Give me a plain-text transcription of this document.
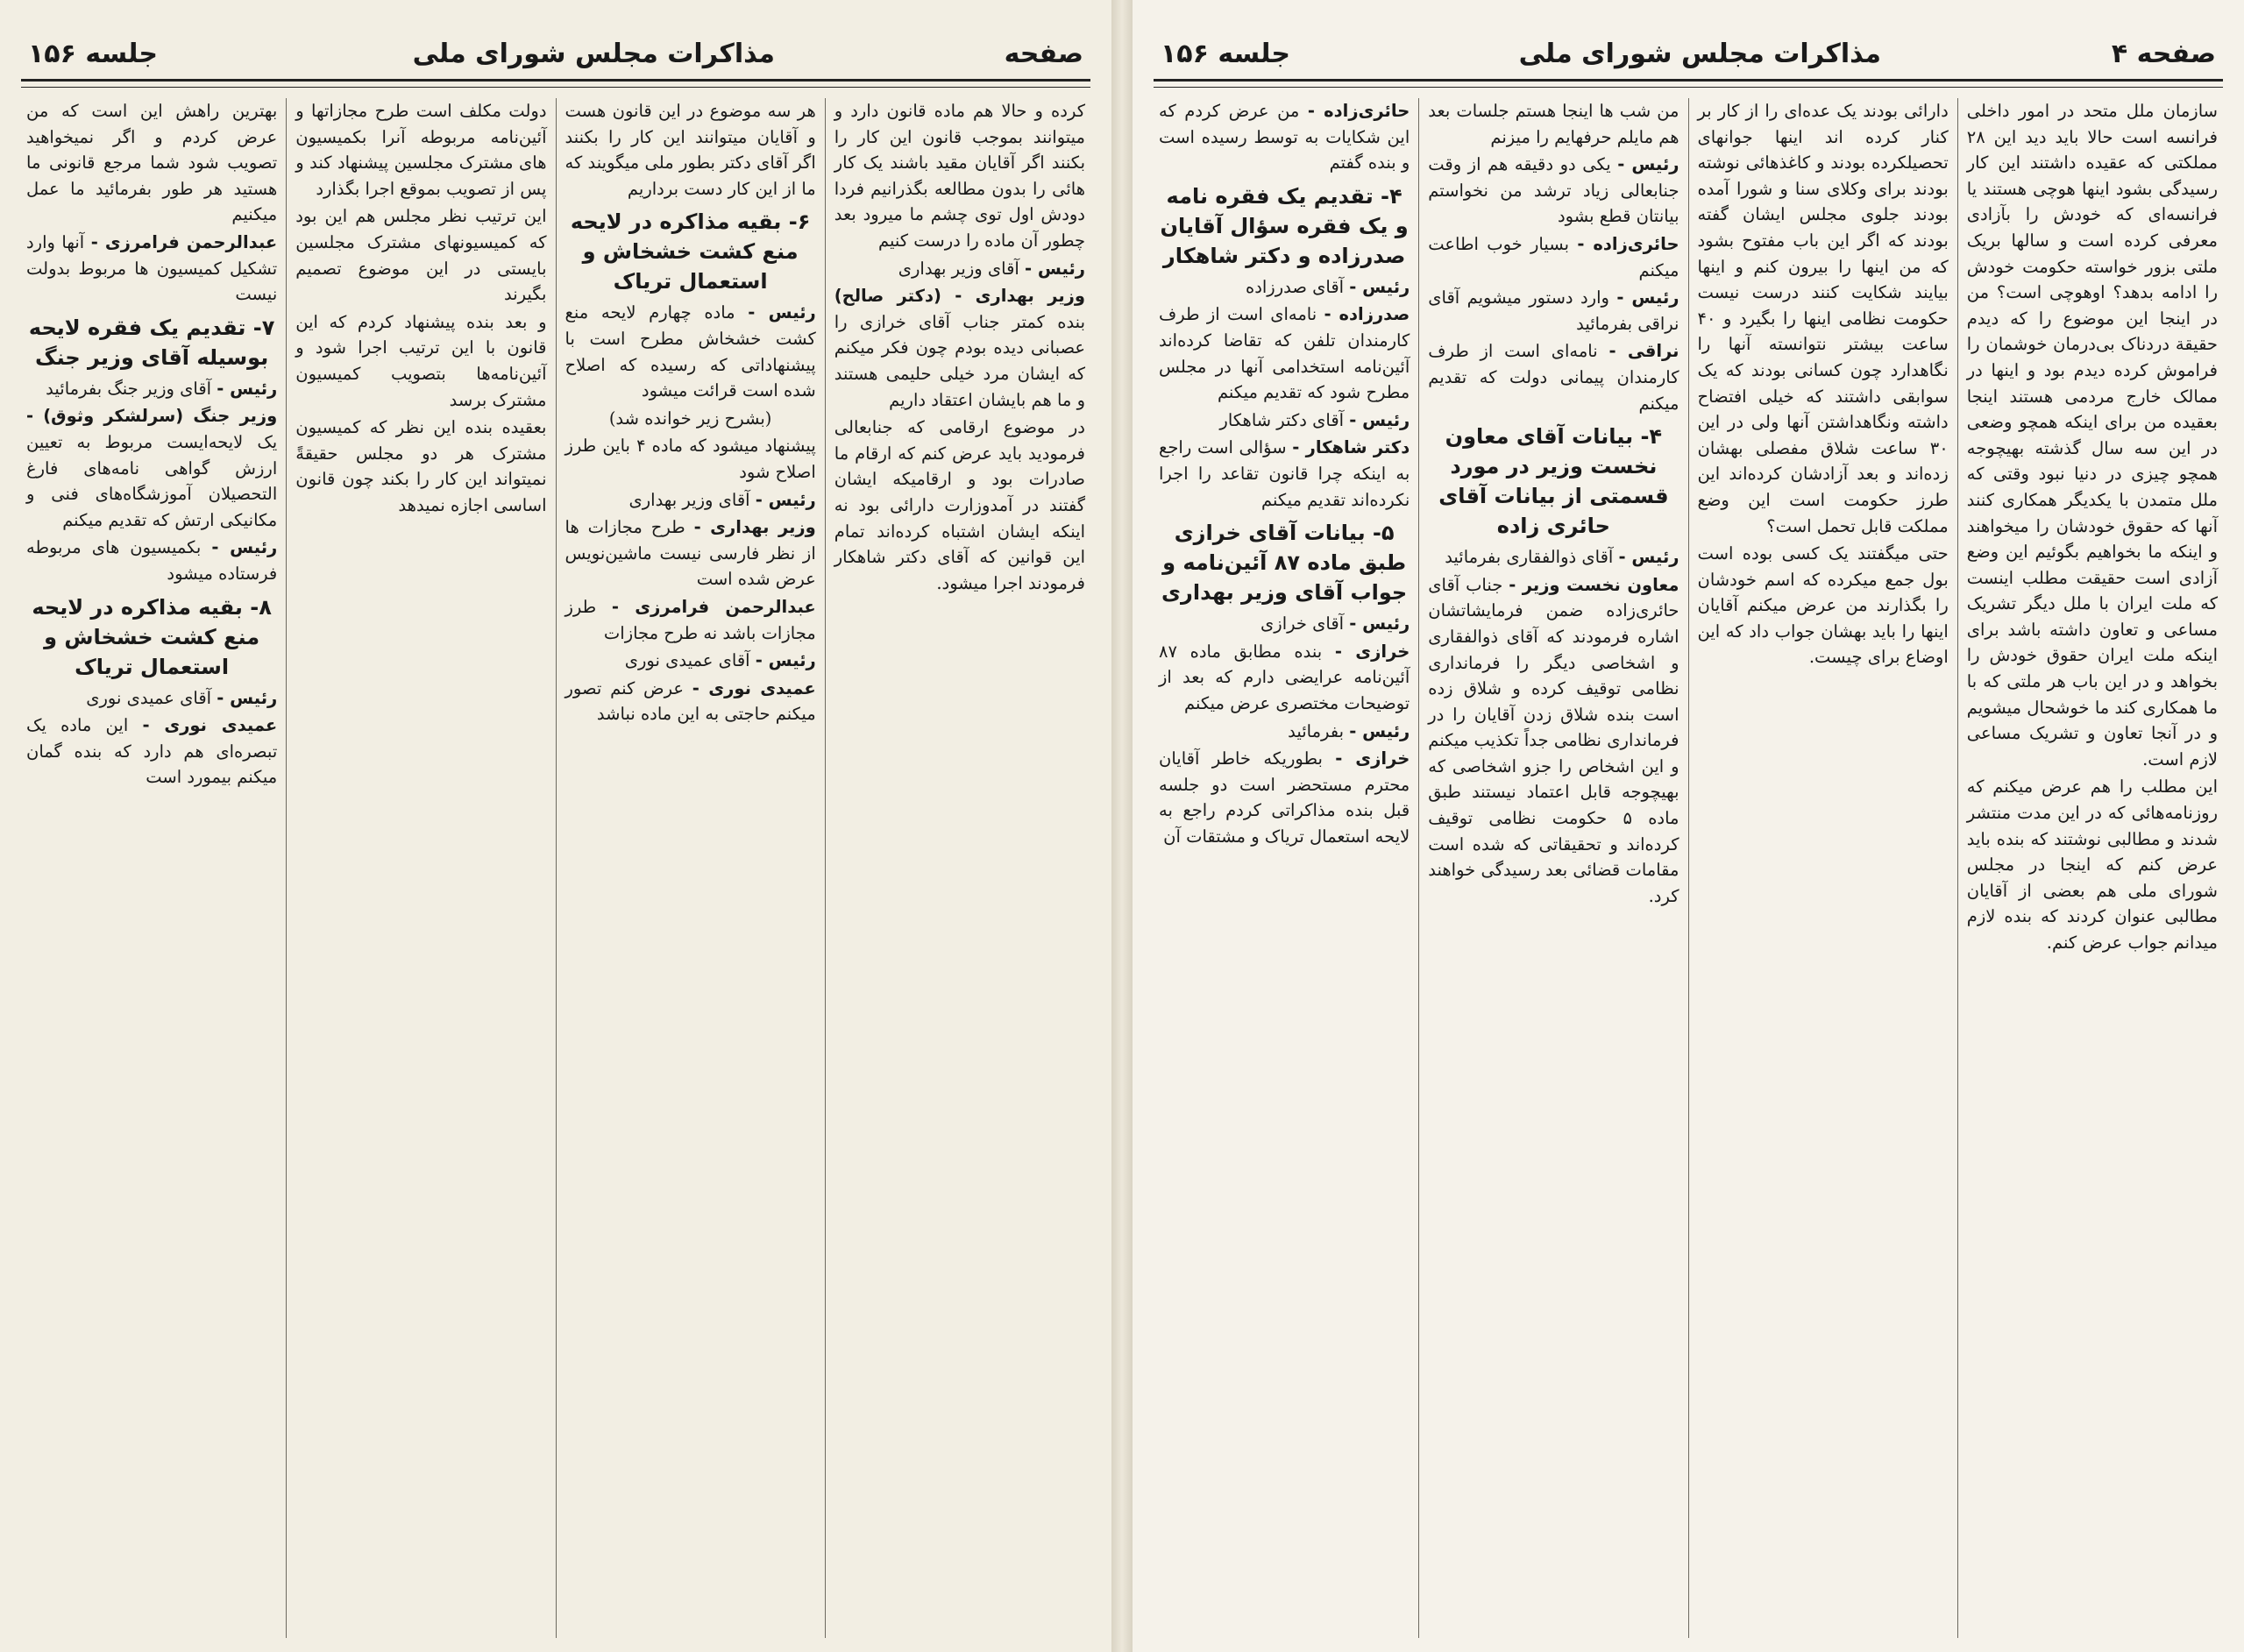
صفحه ۴
مذاکرات مجلس شورای ملی
جلسه ۱۵۶

سازمان ملل متحد در امور داخلی فرانسه است حالا باید دید این ۲۸ مملکتی که عقیده داشتند این کار رسیدگی بشود اینها هوچی هستند یا فرانسه‌ای که خودش را بآزادی معرفی کرده است و سالها بریک ملتی بزور خواسته حکومت خودش را ادامه بدهد؟ اوهوچی است؟ من در اینجا این موضوع را که دیدم حقیقة دردناک بی‌درمان خوشمان را فراموش کرده دیدم بود و اینها در ممالک خارج مردمی هستند اینجا بعقیده من برای اینکه همچو وضعی در این سه سال گذشته بهیچوجه همچو چیزی در دنیا نبود وقتی که ملل متمدن با یکدیگر همکاری کنند آنها که حقوق خودشان را میخواهند و اینکه ما بخواهیم بگوئیم این وضع آزادی است حقیقت مطلب اینست که ملت ایران با ملل دیگر تشریک مساعی و تعاون داشته باشد برای اینکه ملت ایران حقوق خودش را بخواهد و در این باب هر ملتی که با ما همکاری کند ما خوشحال میشویم و در آنجا تعاون و تشریک مساعی لازم است.

این مطلب را هم عرض میکنم که روزنامه‌هائی که در این مدت منتشر شدند و مطالبی نوشتند که بنده باید عرض کنم که اینجا در مجلس شورای ملی هم بعضی از آقایان مطالبی عنوان کردند که بنده لازم میدانم جواب عرض کنم.

دارائی بودند یک عده‌ای را از کار بر کنار کرده اند اینها جوانهای تحصیلکرده بودند و کاغذهائی نوشته بودند برای وکلای سنا و شورا آمده بودند جلوی مجلس ایشان گفته بودند که اگر این باب مفتوح بشود که من اینها را بیرون کنم و اینها بیایند شکایت کنند درست نیست حکومت نظامی اینها را بگیرد و ۴۰ ساعت بیشتر نتوانسته آنها را نگاهدارد چون کسانی بودند که یک سوابقی داشتند که خیلی افتضاح داشته ونگاهداشتن آنها ولی در این ۳۰ ساعت شلاق مفصلی بهشان زده‌اند و بعد آزادشان کرده‌اند این طرز حکومت است این وضع مملکت قابل تحمل است؟

حتی میگفتند یک کسی بوده است بول جمع میکرده که اسم خودشان را بگذارند من عرض میکنم آقایان اینها را باید بهشان جواب داد که این اوضاع برای چیست.

من شب ها اینجا هستم جلسات بعد هم مایلم حرفهایم را میزنم

رئیس - یکی دو دقیقه هم از وقت جنابعالی زیاد ترشد من نخواستم بیانتان قطع بشود

حائری‌زاده - بسیار خوب اطاعت میکنم

رئیس - وارد دستور میشویم آقای نراقی بفرمائید

نراقی - نامه‌ای است از طرف کارمندان پیمانی دولت که تقدیم میکنم

۴- بیانات آقای معاون نخست وزیر در مورد قسمتی از بیانات آقای حائری زاده

رئیس - آقای ذوالفقاری بفرمائید

معاون نخست وزیر - جناب آقای حائری‌زاده ضمن فرمایشاتشان اشاره فرمودند که آقای ذوالفقاری و اشخاصی دیگر را فرمانداری نظامی توقیف کرده و شلاق زده است بنده شلاق زدن آقایان را در فرمانداری نظامی جداً تکذیب میکنم و این اشخاص را جزو اشخاصی که بهیچوجه قابل اعتماد نیستند طبق ماده ۵ حکومت نظامی توقیف کرده‌اند و تحقیقاتی که شده است مقامات قضائی بعد رسیدگی خواهند کرد.

حائری‌زاده - من عرض کردم که این شکایات به توسط رسیده است و بنده گفتم

۴- تقدیم یک فقره نامه و یک فقره سؤال آقایان صدرزاده و دکتر شاهکار

رئیس - آقای صدرزاده

صدرزاده - نامه‌ای است از طرف کارمندان تلفن که تقاضا کرده‌اند آئین‌نامه استخدامی آنها در مجلس مطرح شود که تقدیم میکنم

رئیس - آقای دکتر شاهکار

دکتر شاهکار - سؤالی است راجع به اینکه چرا قانون تقاعد را اجرا نکرده‌اند تقدیم میکنم

۵- بیانات آقای خرازی طبق ماده ۸۷ آئین‌نامه و جواب آقای وزیر بهداری

رئیس - آقای خرازی

خرازی - بنده مطابق ماده ۸۷ آئین‌نامه عرایضی دارم که بعد از توضیحات مختصری عرض میکنم

رئیس - بفرمائید

خرازی - بطوریکه خاطر آقایان محترم مستحضر است دو جلسه قبل بنده مذاکراتی کردم راجع به لایحه استعمال تریاک و مشتقات آن

صفحه
مذاکرات مجلس شورای ملی
جلسه ۱۵۶

کرده و حالا هم ماده قانون دارد و میتوانند بموجب قانون این کار را بکنند اگر آقایان مقید باشند یک کار هائی را بدون مطالعه بگذرانیم فردا دودش اول توی چشم ما میرود بعد چطور آن ماده را درست کنیم

رئیس - آقای وزیر بهداری

وزیر بهداری - (دکتر صالح) بنده کمتر جناب آقای خرازی را عصبانی دیده بودم چون فکر میکنم که ایشان مرد خیلی حلیمی هستند و ما هم بایشان اعتقاد داریم

در موضوع ارقامی که جنابعالی فرمودید باید عرض کنم که ارقام ما صادرات بود و ارقامیکه ایشان گفتند در آمدوزارت دارائی بود نه اینکه ایشان اشتباه کرده‌اند تمام این قوانین که آقای دکتر شاهکار فرمودند اجرا میشود.

هر سه موضوع در این قانون هست و آقایان میتوانند این کار را بکنند اگر آقای دکتر بطور ملی میگویند که ما از این کار دست برداریم

۶- بقیه مذاکره در لایحه منع کشت خشخاش و استعمال تریاک

رئیس - ماده چهارم لایحه منع کشت خشخاش مطرح است با پیشنهاداتی که رسیده که اصلاح شده است قرائت میشود

(بشرح زیر خوانده شد)

پیشنهاد میشود که ماده ۴ باین طرز اصلاح شود

رئیس - آقای وزیر بهداری

وزیر بهداری - طرح مجازات ها از نظر فارسی نیست ماشین‌نویس عرض شده است

عبدالرحمن فرامرزی - طرز مجازات باشد نه طرح مجازات

رئیس - آقای عمیدی نوری

عمیدی نوری - عرض کنم تصور میکنم حاجتی به این ماده نباشد

دولت مکلف است طرح مجازاتها و آئین‌نامه مربوطه آنرا بکمیسیون های مشترک مجلسین پیشنهاد کند و پس از تصویب بموقع اجرا بگذارد

این ترتیب نظر مجلس هم این بود که کمیسیونهای مشترک مجلسین بایستی در این موضوع تصمیم بگیرند

و بعد بنده پیشنهاد کردم که این قانون با این ترتیب اجرا شود و آئین‌نامه‌ها بتصویب کمیسیون مشترک برسد

بعقیده بنده این نظر که کمیسیون مشترک هر دو مجلس حقیقةً نمیتواند این کار را بکند چون قانون اساسی اجازه نمیدهد

بهترین راهش این است که من عرض کردم و اگر نمیخواهید تصویب شود شما مرجع قانونی ما هستید هر طور بفرمائید ما عمل میکنیم

عبدالرحمن فرامرزی - آنها وارد تشکیل کمیسیون ها مربوط بدولت نیست

۷- تقدیم یک فقره لایحه بوسیله آقای وزیر جنگ

رئیس - آقای وزیر جنگ بفرمائید

وزیر جنگ (سرلشکر وثوق) - یک لایحه‌ایست مربوط به تعیین ارزش گواهی نامه‌های فارغ التحصیلان آموزشگاه‌های فنی و مکانیکی ارتش که تقدیم میکنم

رئیس - بکمیسیون های مربوطه فرستاده میشود

۸- بقیه مذاکره در لایحه منع کشت خشخاش و استعمال تریاک

رئیس - آقای عمیدی نوری

عمیدی نوری - این ماده یک تبصره‌ای هم دارد که بنده گمان میکنم بیمورد است
